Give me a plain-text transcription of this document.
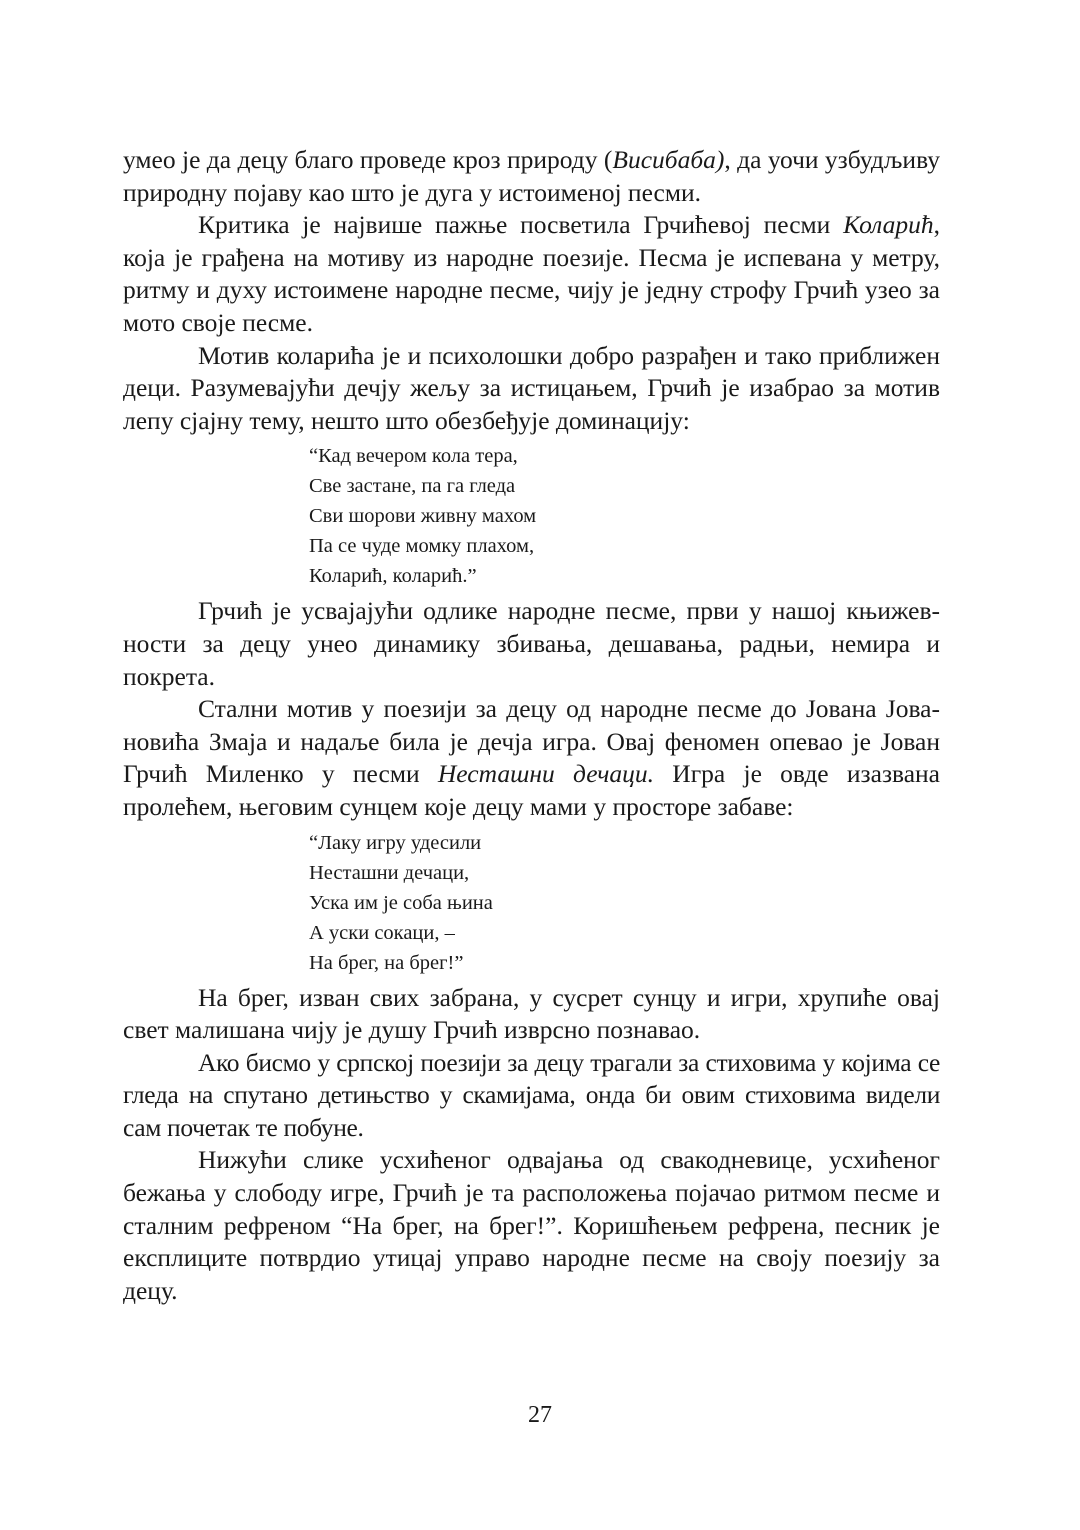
умео је да децу благо проведе кроз природу (Висибаба), да уочи узбудљиву природну појаву као што је дуга у истоименој песми.

Критика је највише пажње посветила Грчићевој песми Коларић, која је грађена на мотиву из народне поезије. Песма је испевана у метру, ритму и духу истоимене народне песме, чију је једну строфу Грчић узео за мото своје песме.

Мотив коларића је и психолошки добро разрађен и тако приближен деци. Разумевајући дечју жељу за истицањем, Грчић је изабрао за мотив лепу сјајну тему, нешто што обезбеђује доминацију:

“Кад вечером кола тера,
Све застане, па га гледа
Сви шорови живну махом
Па се чуде момку плахом,
Коларић, коларић.”

Грчић је усвајајући одлике народне песме, први у нашој књижевности за децу унео динамику збивања, дешавања, радњи, немира и покрета.

Стални мотив у поезији за децу од народне песме до Јована Јовановића Змаја и надаље била је дечја игра. Овај феномен опевао је Јован Грчић Миленко у песми Несташни дечаци. Игра је овде изазвана пролећем, његовим сунцем које децу мами у просторе забаве:

“Лаку игру удесили
Несташни дечаци,
Уска им је соба њина
А уски сокаци, –
На брег, на брег!”

На брег, изван свих забрана, у сусрет сунцу и игри, хрупиће овај свет малишана чију је душу Грчић изврсно познавао.

Ако бисмо у српској поезији за децу трагали за стиховима у којима се гледа на спутано детињство у скамијама, онда би овим стиховима видели сам почетак те побуне.

Нижући слике усхићеног одвајања од свакодневице, усхићеног бежања у слободу игре, Грчић је та расположења појачао ритмом песме и сталним рефреном “На брег, на брег!”. Коришћењем рефрена, песник је експлиците потврдио утицај управо народне песме на своју поезију за децу.

27
